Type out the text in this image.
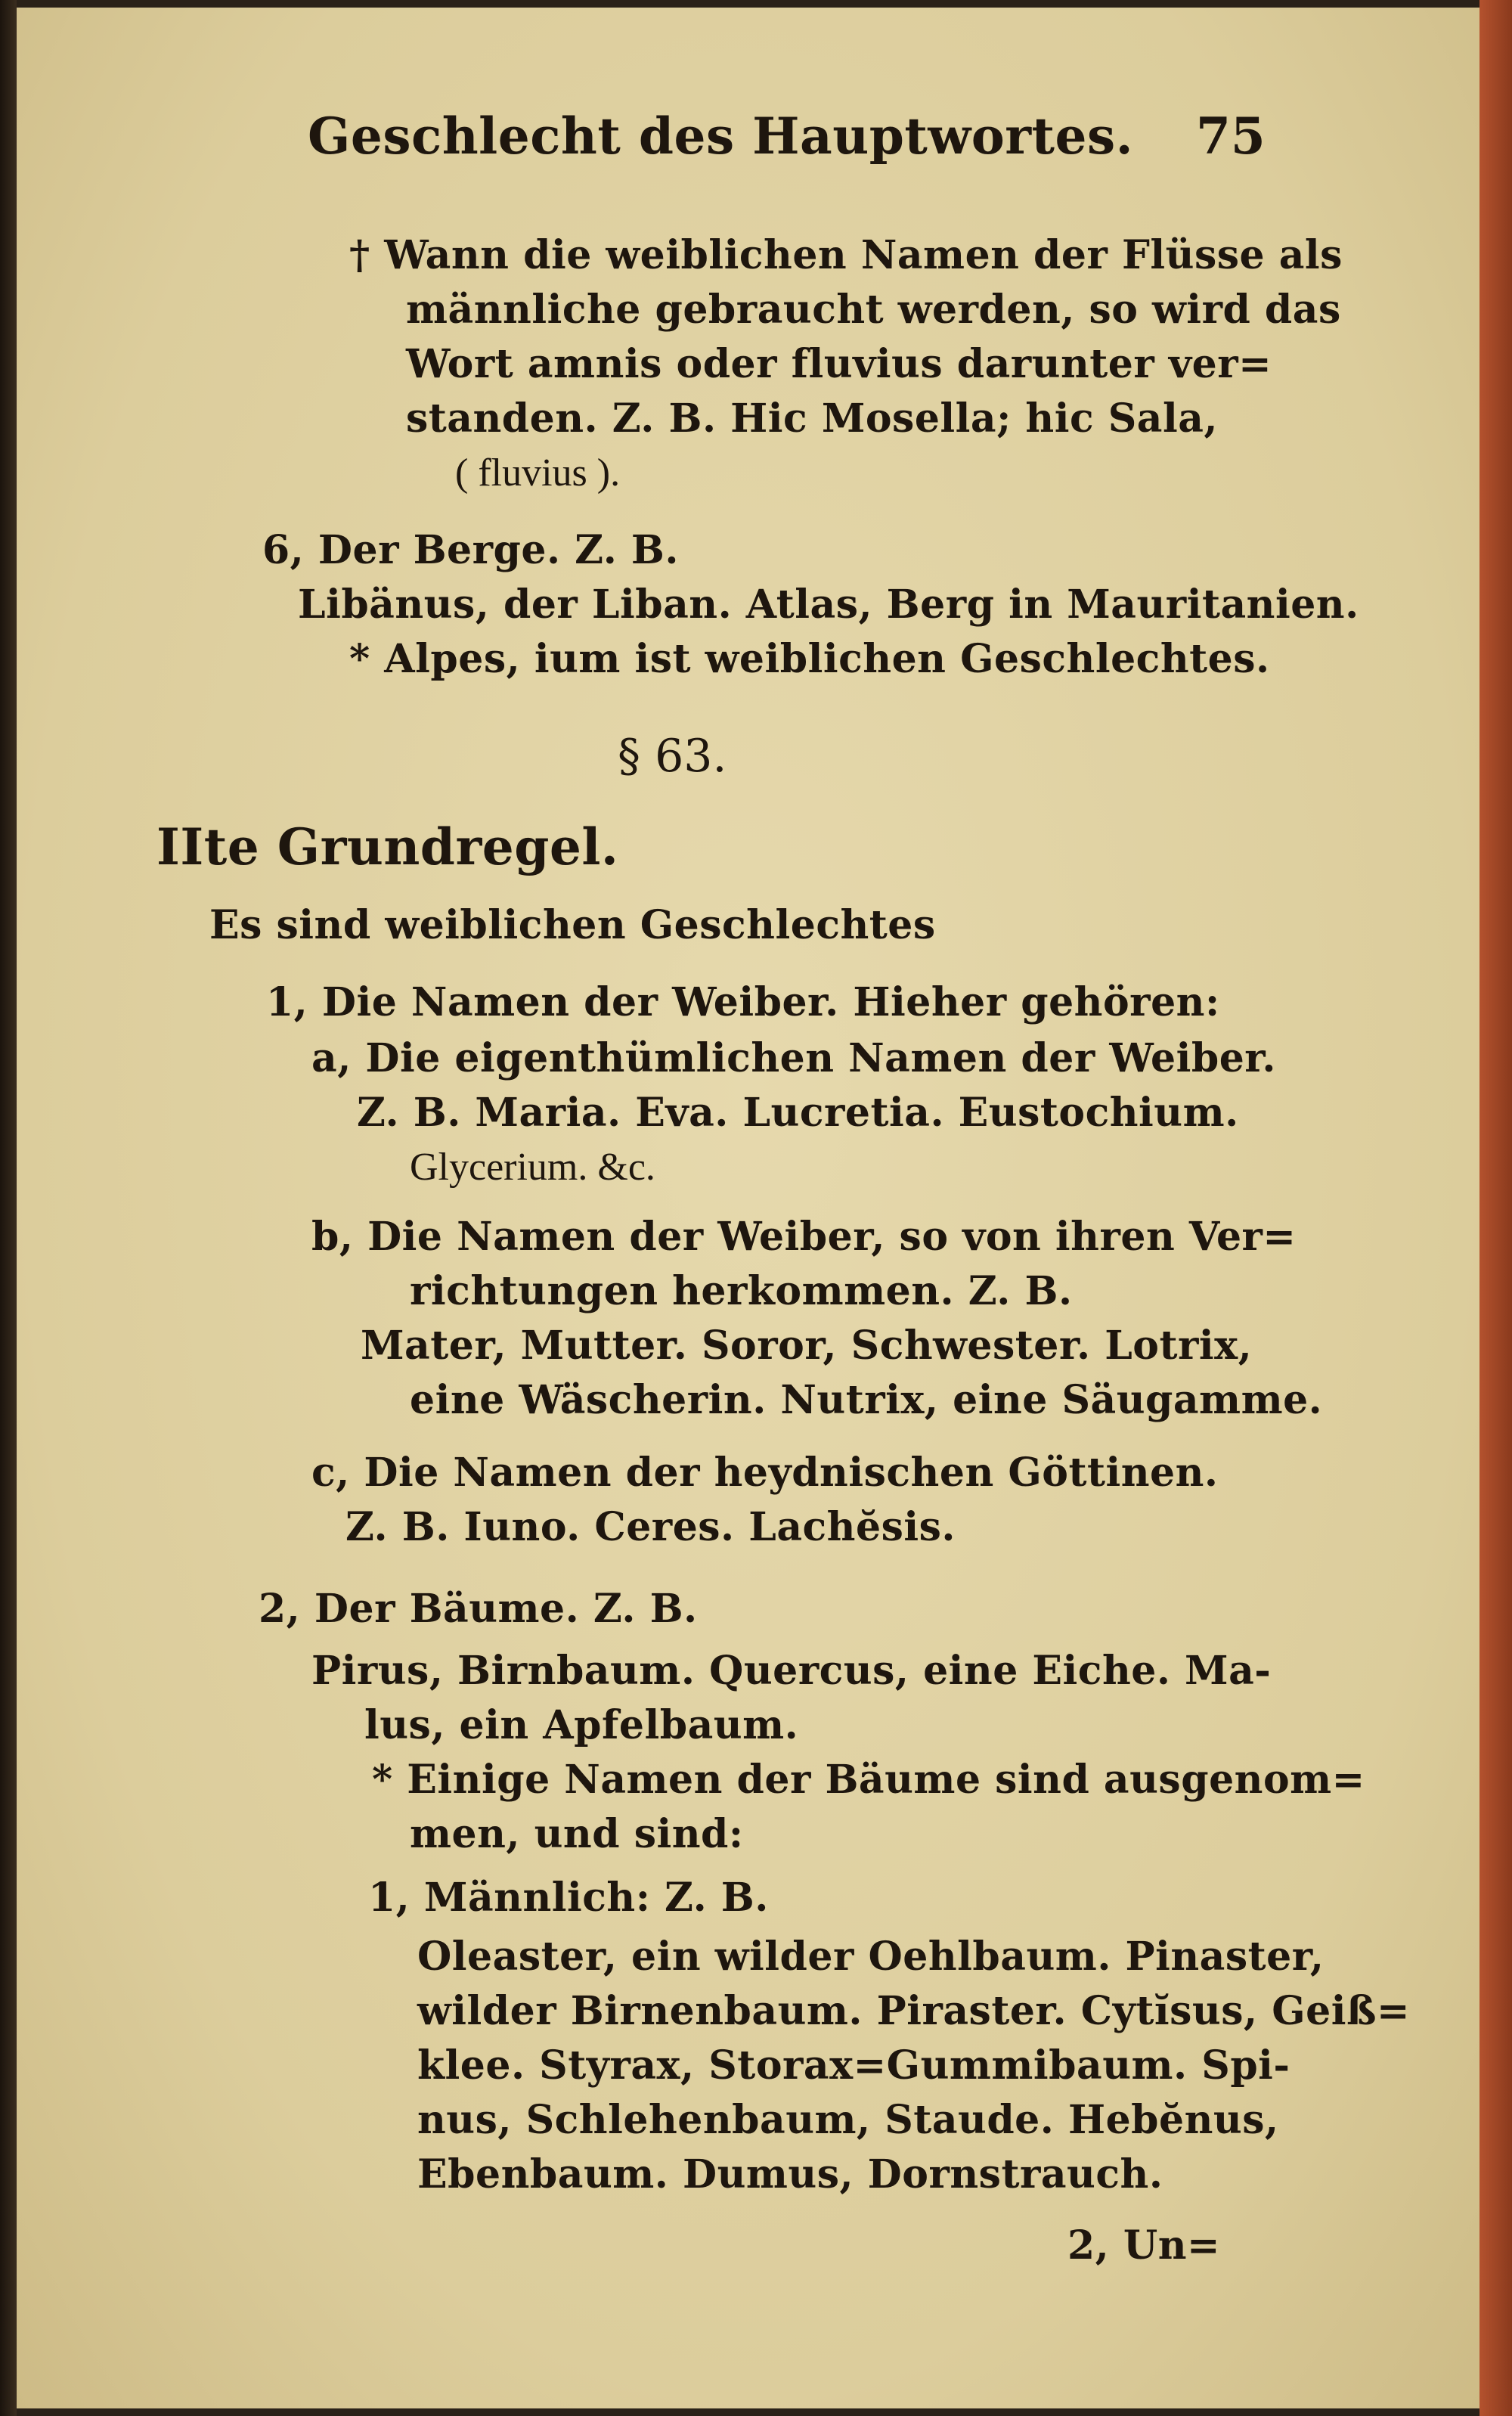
Geschlecht des Hauptwortes. 75
† Wann die weiblichen Namen der Flüsse als
männliche gebraucht werden, so wird das
Wort amnis oder fluvius darunter ver=
standen. Z. B. Hic Mosella; hic Sala,
( fluvius ).
6, Der Berge. Z. B.
Libänus, der Liban. Atlas, Berg in Mauritanien.
* Alpes, ium ist weiblichen Geschlechtes.
§ 63.
IIte Grundregel.
Es sind weiblichen Geschlechtes
1, Die Namen der Weiber. Hieher gehören:
a, Die eigenthümlichen Namen der Weiber.
Z. B. Maria. Eva. Lucretia. Eustochium.
Glycerium. &c.
b, Die Namen der Weiber, so von ihren Ver=
richtungen herkommen. Z. B.
Mater, Mutter. Soror, Schwester. Lotrix,
eine Wäscherin. Nutrix, eine Säugamme.
c, Die Namen der heydnischen Göttinen.
Z. B. Iuno. Ceres. Lachĕsis.
2, Der Bäume. Z. B.
Pirus, Birnbaum. Quercus, eine Eiche. Ma-
lus, ein Apfelbaum.
* Einige Namen der Bäume sind ausgenom=
men, und sind:
1, Männlich: Z. B.
Oleaster, ein wilder Oehlbaum. Pinaster,
wilder Birnenbaum. Piraster. Cytĭsus, Geiß=
klee. Styrax, Storax=Gummibaum. Spi-
nus, Schlehenbaum, Staude. Hebĕnus,
Ebenbaum. Dumus, Dornstrauch.
2, Un=
